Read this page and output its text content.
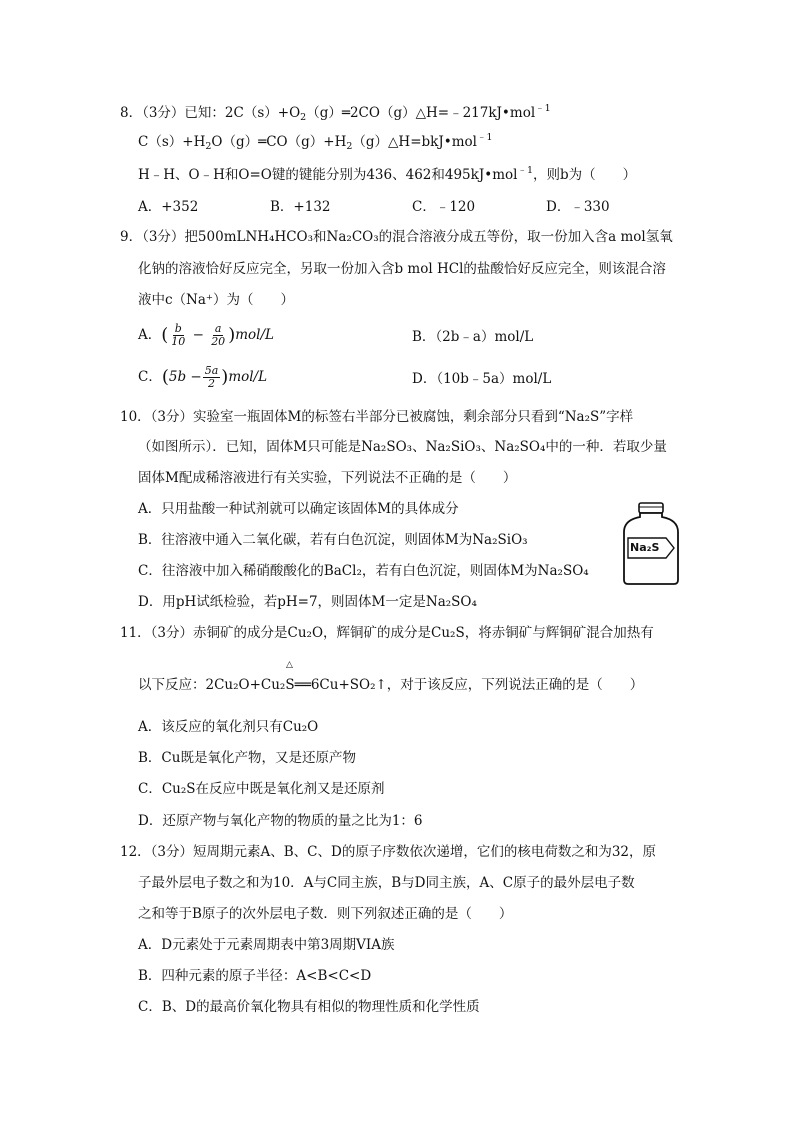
8．（3分）已知：$2C(s)+O_2(g)═2CO(g)\triangle H=﹣217kJ•mol^{﹣1}$
$C(s)+H_2O(g)═CO(g)+H_2(g)\triangle H=bkJ•mol^{﹣1}$
H﹣H、O﹣H和O=O键的键能分别为436、462和495kJ•mol$^{﹣1}$，则b为（　　）
A．+352	B．+132	C．﹣120	D．﹣330
9．（3分）把500mLNH₄HCO₃和Na₂CO₃的混合溶液分成五等份，取一份加入含a mol氢氧
化钠的溶液恰好反应完全，另取一份加入含b mol HCl的盐酸恰好反应完全，则该混合溶
液中c（Na⁺）为（　　）
A．( $\frac{b}{10} - \frac{a}{20} )mol/L$	B．（2b﹣a）mol/L
C．$(5b - \frac{5a}{2} )mol/L$	D．（10b﹣5a）mol/L
10．（3分）实验室一瓶固体M的标签右半部分已被腐蚀，剩余部分只看到“Na₂S”字样
（如图所示）．已知，固体M只可能是Na₂SO₃、Na₂SiO₃、Na₂SO₄中的一种．若取少量
固体M配成稀溶液进行有关实验，下列说法不正确的是（　　）
A．只用盐酸一种试剂就可以确定该固体M的具体成分
B．往溶液中通入二氧化碳，若有白色沉淀，则固体M为Na₂SiO₃
C．往溶液中加入稀硝酸酸化的BaCl₂，若有白色沉淀，则固体M为Na₂SO₄
D．用pH试纸检验，若pH=7，则固体M一定是Na₂SO₄
Na₂S
11．（3分）赤铜矿的成分是Cu₂O，辉铜矿的成分是Cu₂S，将赤铜矿与辉铜矿混合加热有
△
以下反应：2Cu₂O+Cu₂S══6Cu+SO₂↑，对于该反应，下列说法正确的是（　　）
A．该反应的氧化剂只有Cu₂O
B．Cu既是氧化产物，又是还原产物
C．Cu₂S在反应中既是氧化剂又是还原剂
D．还原产物与氧化产物的物质的量之比为1：6
12．（3分）短周期元素A、B、C、D的原子序数依次递增，它们的核电荷数之和为32，原
子最外层电子数之和为10．A与C同主族，B与D同主族，A、C原子的最外层电子数
之和等于B原子的次外层电子数．则下列叙述正确的是（　　）
A．D元素处于元素周期表中第3周期VIA族
B．四种元素的原子半径：A<B<C<D
C．B、D的最高价氧化物具有相似的物理性质和化学性质
